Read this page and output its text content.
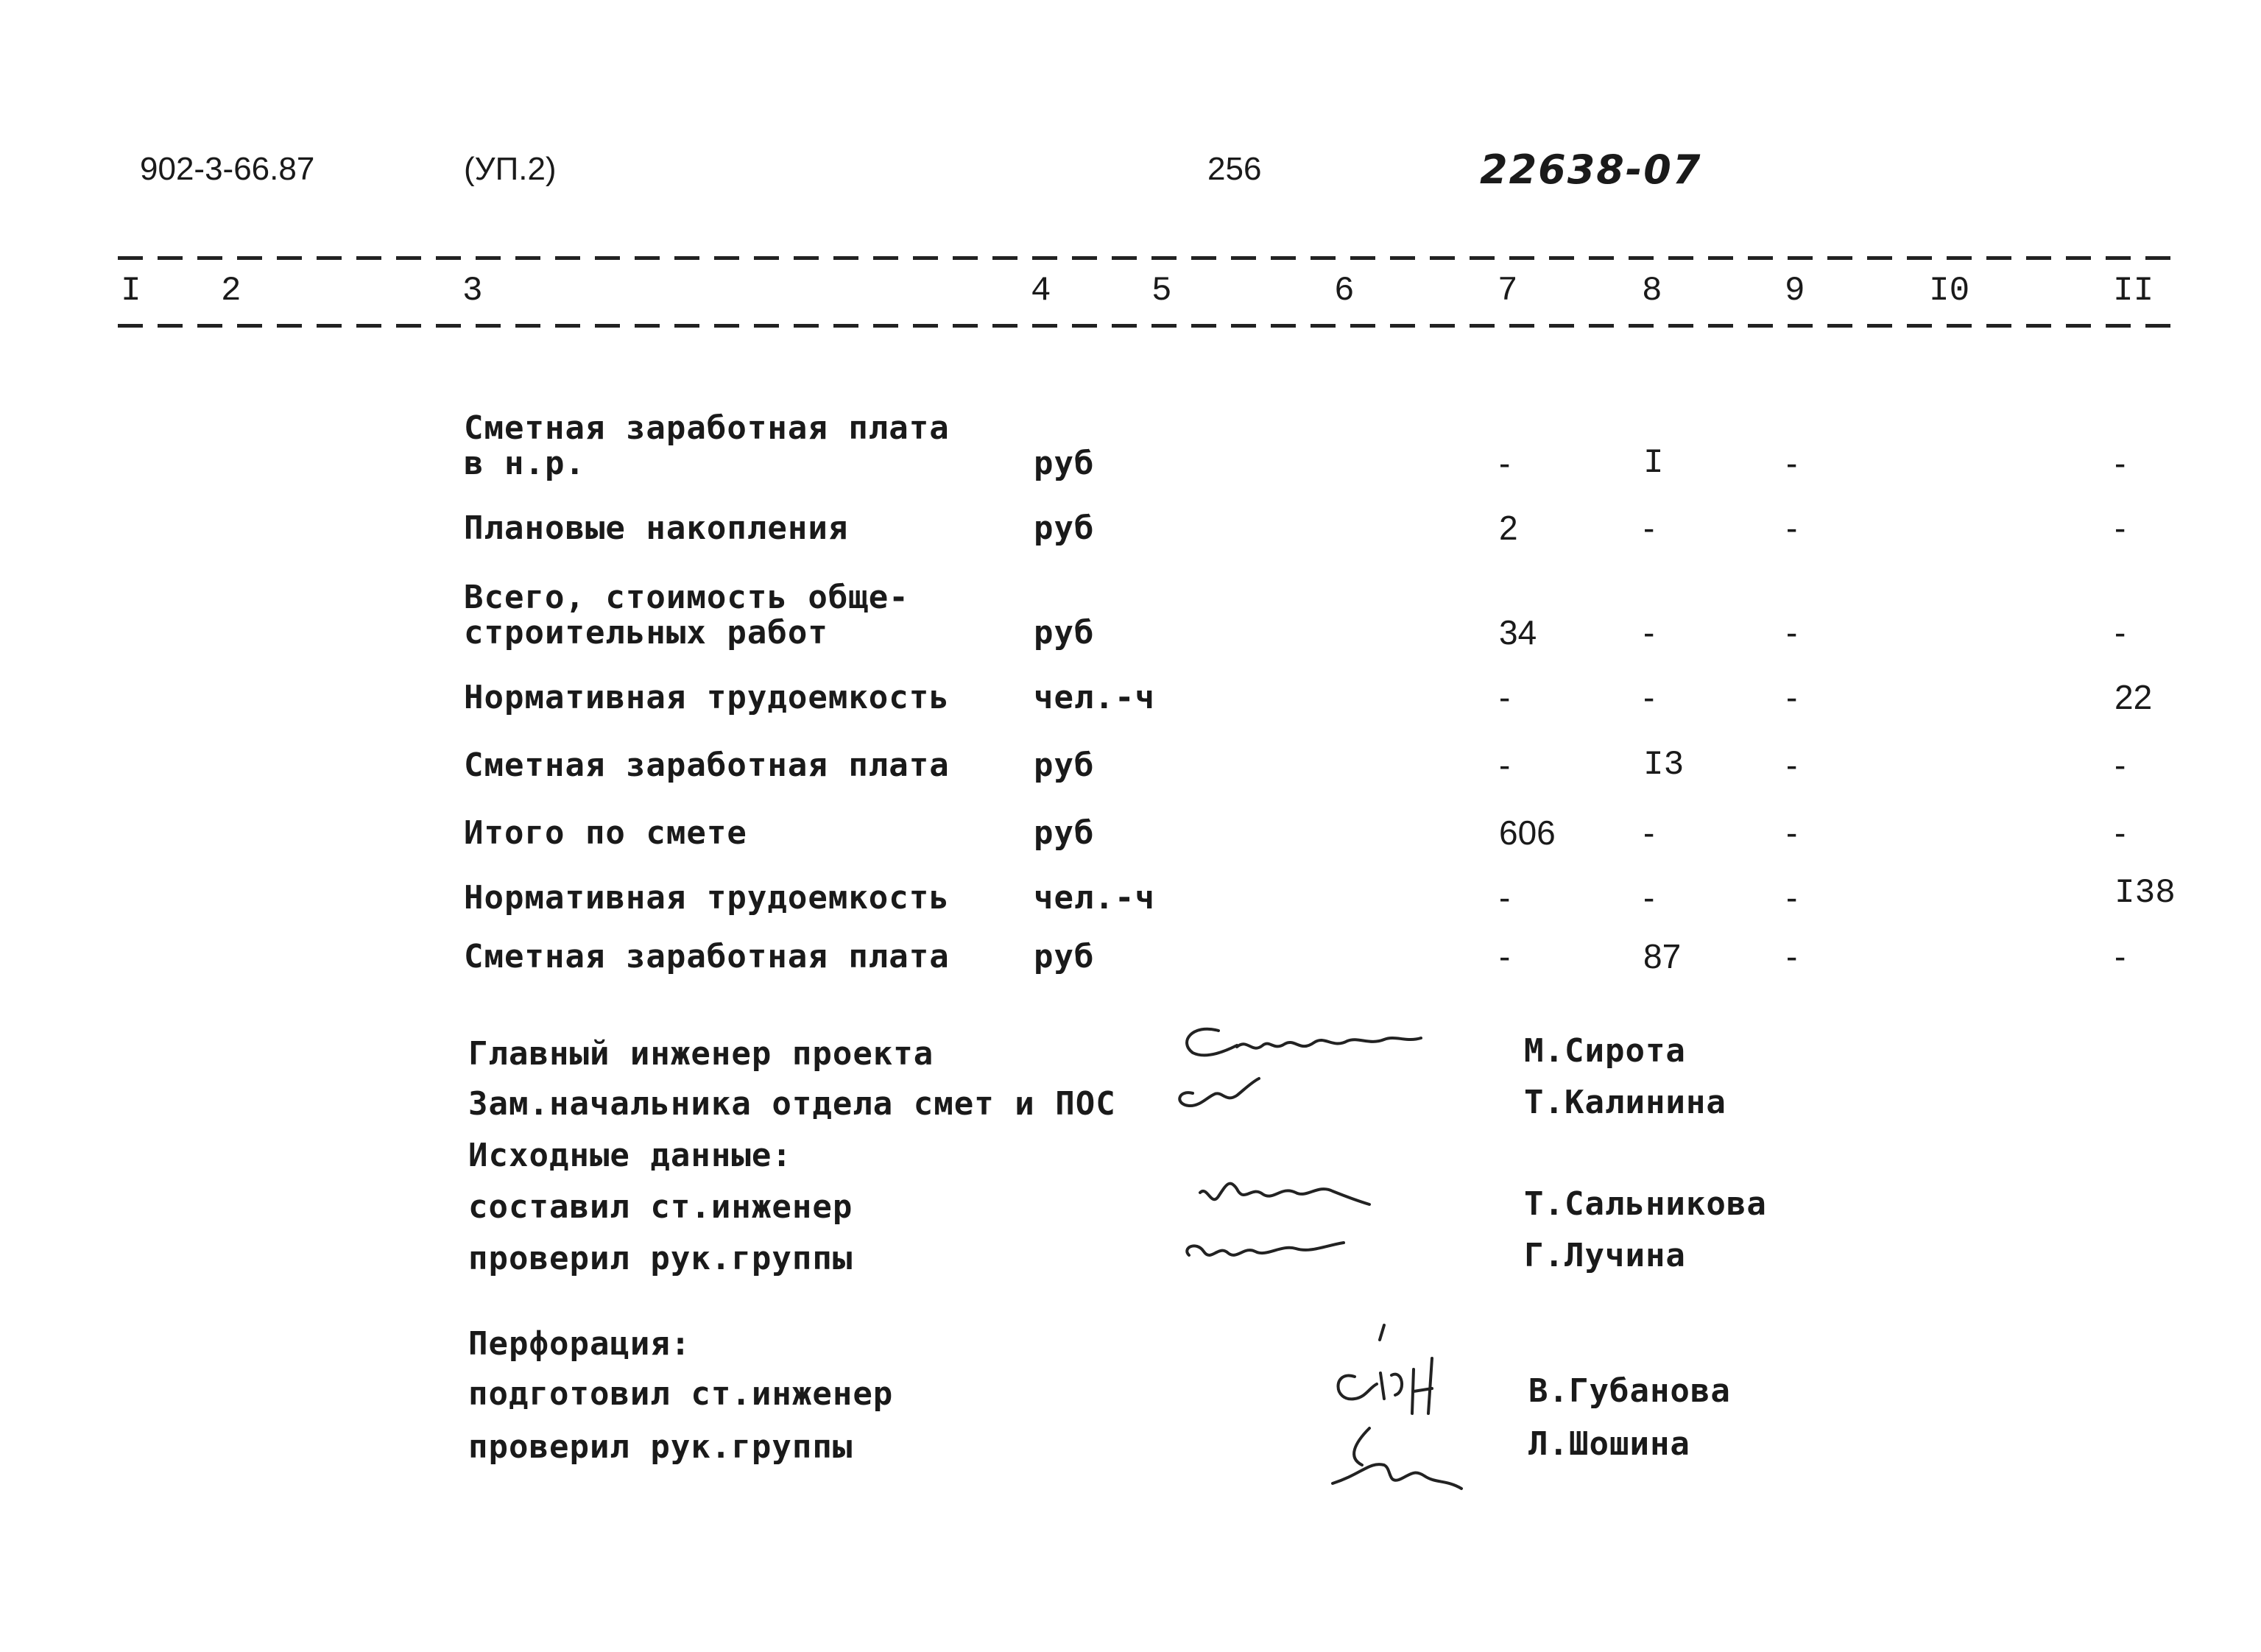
902-3-66.87	(УП.2)	256	22638-07
I 2	3	4	5	6	7	8	9	I0	II
Сметная заработная плата
в н.р.	руб	-	I	-	-
Плановые накопления	руб	2	-	-	-
Всего, стоимость обще-
строительных работ	руб	34	-	-	-
Нормативная трудоемкость	чел.-ч	-	-	-	22
Сметная заработная плата	руб	-	I3	-	-
Итого по смете	руб	606	-	-	-
Нормативная трудоемкость	чел.-ч	-	-	-	I38
Сметная заработная плата	руб	-	87	-	-
Главный инженер проекта	М.Сирота
Зам.начальника отдела смет и ПОС	Т.Калинина
Исходные данные:
составил ст.инженер	Т.Сальникова
проверил рук.группы	Г.Лучина
Перфорация:
подготовил ст.инженер	В.Губанова
проверил рук.группы	Л.Шошина
